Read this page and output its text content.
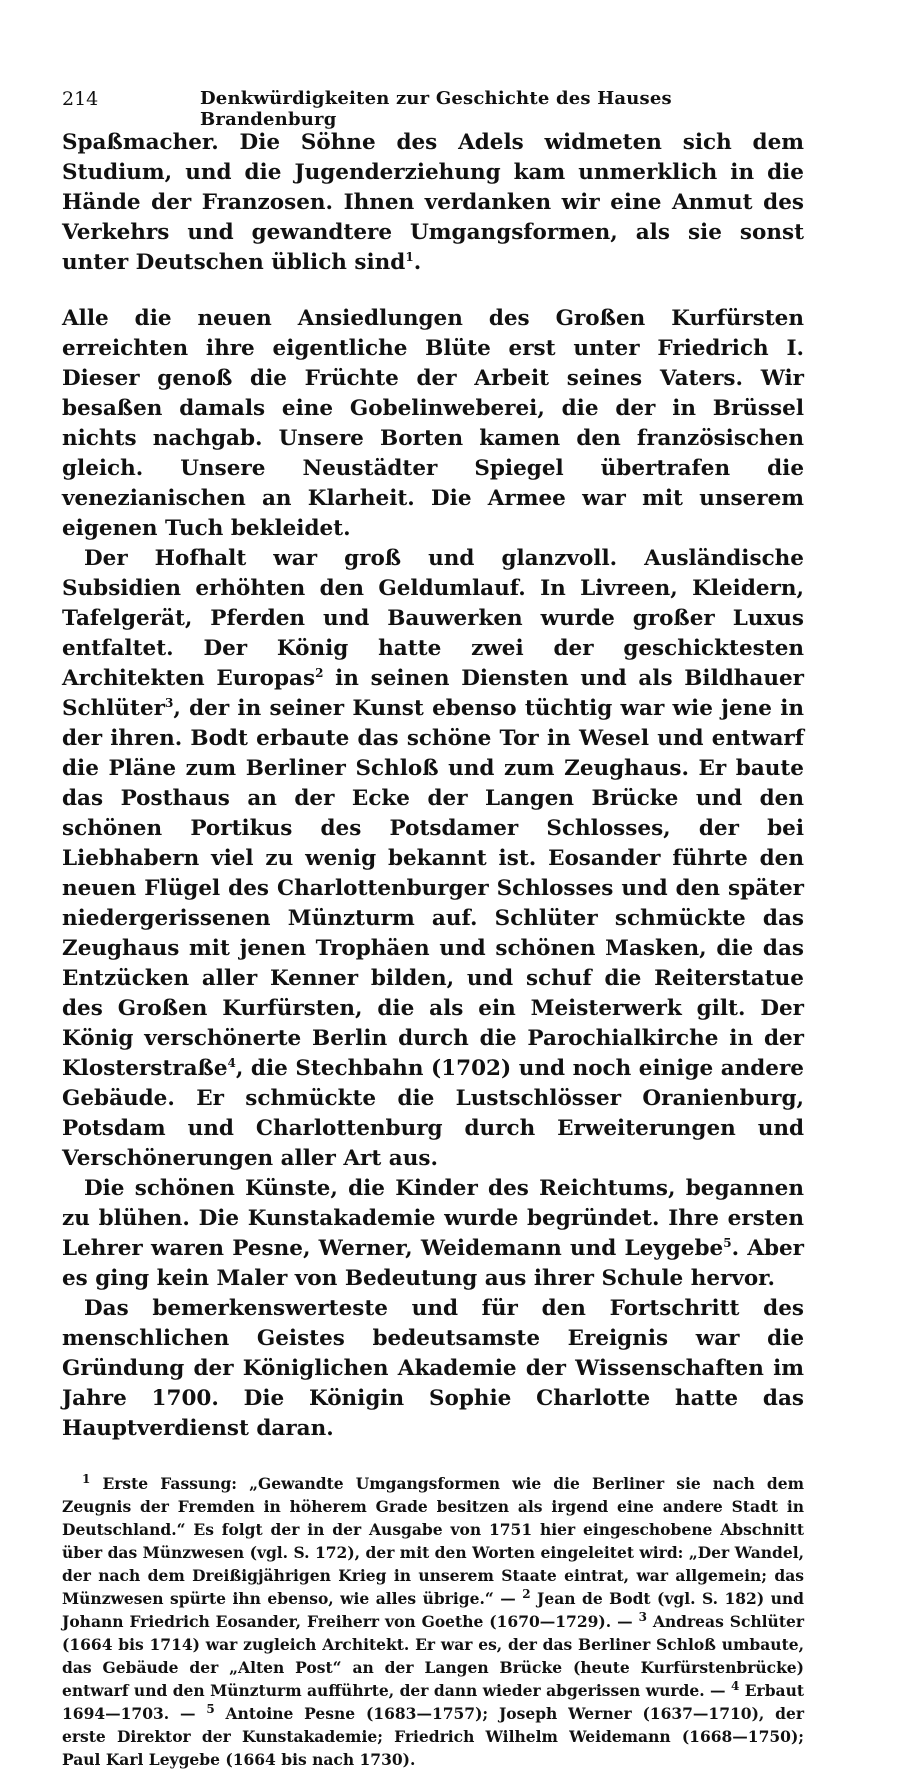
214	Denkwürdigkeiten zur Geschichte des Hauses Brandenburg

Spaßmacher. Die Söhne des Adels widmeten sich dem Studium, und die Jugenderziehung kam unmerklich in die Hände der Franzosen. Ihnen verdanken wir eine Anmut des Verkehrs und gewandtere Umgangsformen, als sie sonst unter Deutschen üblich sind$^1$.

Alle die neuen Ansiedlungen des Großen Kurfürsten erreichten ihre eigentliche Blüte erst unter Friedrich I. Dieser genoß die Früchte der Arbeit seines Vaters. Wir besaßen damals eine Gobelinweberei, die der in Brüssel nichts nachgab. Unsere Borten kamen den französischen gleich. Unsere Neustädter Spiegel übertrafen die venezianischen an Klarheit. Die Armee war mit unserem eigenen Tuch bekleidet.

Der Hofhalt war groß und glanzvoll. Ausländische Subsidien erhöhten den Geldumlauf. In Livreen, Kleidern, Tafelgerät, Pferden und Bauwerken wurde großer Luxus entfaltet. Der König hatte zwei der geschicktesten Architekten Europas$^2$ in seinen Diensten und als Bildhauer Schlüter$^3$, der in seiner Kunst ebenso tüchtig war wie jene in der ihren. Bodt erbaute das schöne Tor in Wesel und entwarf die Pläne zum Berliner Schloß und zum Zeughaus. Er baute das Posthaus an der Ecke der Langen Brücke und den schönen Portikus des Potsdamer Schlosses, der bei Liebhabern viel zu wenig bekannt ist. Eosander führte den neuen Flügel des Charlottenburger Schlosses und den später niedergerissenen Münzturm auf. Schlüter schmückte das Zeughaus mit jenen Trophäen und schönen Masken, die das Entzücken aller Kenner bilden, und schuf die Reiterstatue des Großen Kurfürsten, die als ein Meisterwerk gilt. Der König verschönerte Berlin durch die Parochialkirche in der Klosterstraße$^4$, die Stechbahn (1702) und noch einige andere Gebäude. Er schmückte die Lustschlösser Oranienburg, Potsdam und Charlottenburg durch Erweiterungen und Verschönerungen aller Art aus.

Die schönen Künste, die Kinder des Reichtums, begannen zu blühen. Die Kunstakademie wurde begründet. Ihre ersten Lehrer waren Pesne, Werner, Weidemann und Leygebe$^5$. Aber es ging kein Maler von Bedeutung aus ihrer Schule hervor.

Das bemerkenswerteste und für den Fortschritt des menschlichen Geistes bedeutsamste Ereignis war die Gründung der Königlichen Akademie der Wissenschaften im Jahre 1700. Die Königin Sophie Charlotte hatte das Hauptverdienst daran.

$^1$ Erste Fassung: „Gewandte Umgangsformen wie die Berliner sie nach dem Zeugnis der Fremden in höherem Grade besitzen als irgend eine andere Stadt in Deutschland.“ Es folgt der in der Ausgabe von 1751 hier eingeschobene Abschnitt über das Münzwesen (vgl. S. 172), der mit den Worten eingeleitet wird: „Der Wandel, der nach dem Dreißigjährigen Krieg in unserem Staate eintrat, war allgemein; das Münzwesen spürte ihn ebenso, wie alles übrige.“ — $^2$ Jean de Bodt (vgl. S. 182) und Johann Friedrich Eosander, Freiherr von Goethe (1670—1729). — $^3$ Andreas Schlüter (1664 bis 1714) war zugleich Architekt. Er war es, der das Berliner Schloß umbaute, das Gebäude der „Alten Post“ an der Langen Brücke (heute Kurfürstenbrücke) entwarf und den Münzturm aufführte, der dann wieder abgerissen wurde. — $^4$ Erbaut 1694—1703. — $^5$ Antoine Pesne (1683—1757); Joseph Werner (1637—1710), der erste Direktor der Kunstakademie; Friedrich Wilhelm Weidemann (1668—1750); Paul Karl Leygebe (1664 bis nach 1730).
